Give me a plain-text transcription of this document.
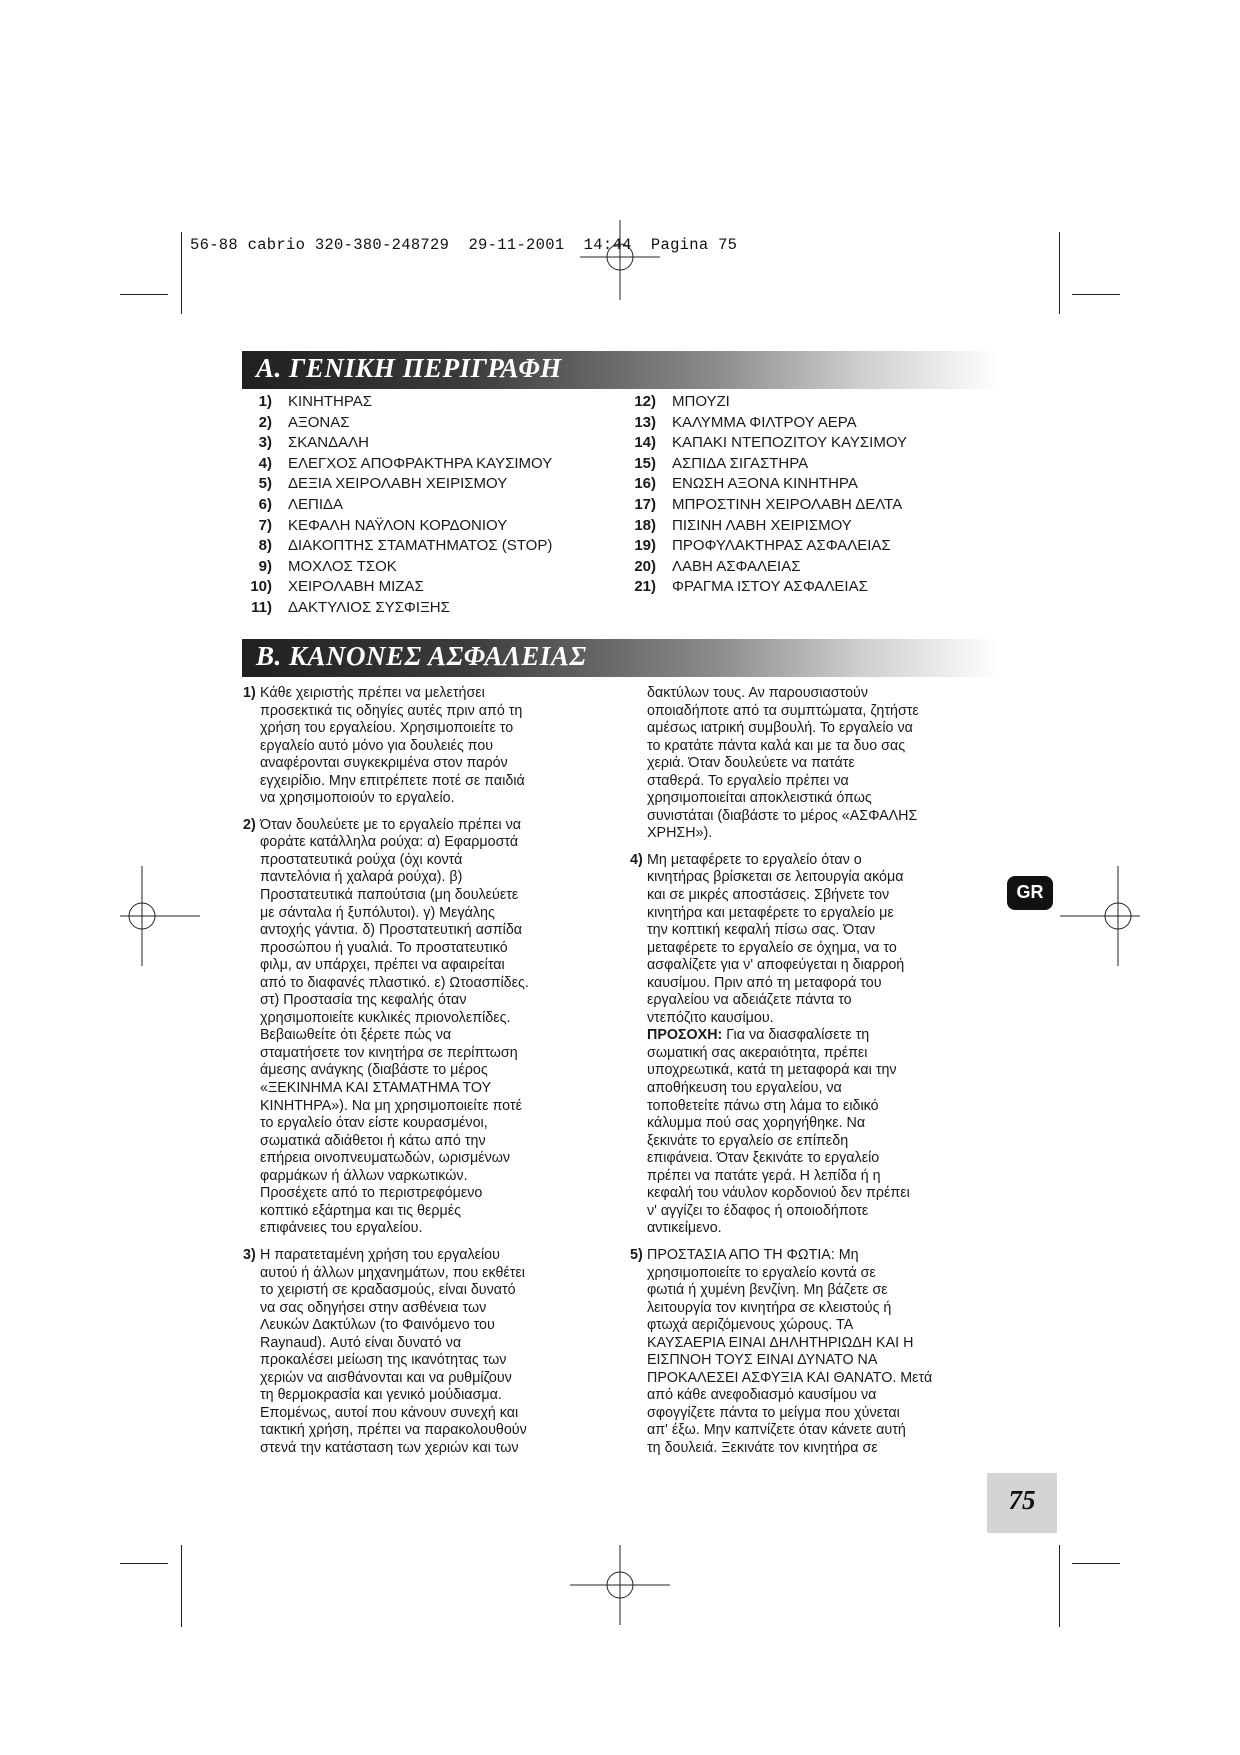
56-88 cabrio 320-380-248729  29-11-2001  14:44  Pagina 75
A. ΓΕΝΙΚΗ ΠΕΡΙΓΡΑΦΗ
1) ΚΙΝΗΤΗΡΑΣ
2) ΑΞΟΝΑΣ
3) ΣΚΑΝΔΑΛΗ
4) ΕΛΕΓΧΟΣ ΑΠΟΦΡΑΚΤΗΡΑ ΚΑΥΣΙΜΟΥ
5) ΔΕΞΙΑ ΧΕΙΡΟΛΑΒΗ ΧΕΙΡΙΣΜΟΥ
6) ΛΕΠΙΔΑ
7) ΚΕΦΑΛΗ ΝΑΫΛΟΝ ΚΟΡΔΟΝΙΟΥ
8) ΔΙΑΚΟΠΤΗΣ ΣΤΑΜΑΤΗΜΑΤΟΣ (STOP)
9) ΜΟΧΛΟΣ ΤΣΟΚ
10) ΧΕΙΡΟΛΑΒΗ ΜΙΖΑΣ
11) ΔΑΚΤΥΛΙΟΣ ΣΥΣΦΙΞΗΣ
12) ΜΠΟΥΖΙ
13) ΚΑΛΥΜΜΑ ΦΙΛΤΡΟΥ ΑΕΡΑ
14) ΚΑΠΑΚΙ ΝΤΕΠΟΖΙΤΟΥ ΚΑΥΣΙΜΟΥ
15) ΑΣΠΙΔΑ ΣΙΓΑΣΤΗΡΑ
16) ΕΝΩΣΗ ΑΞΟΝΑ ΚΙΝΗΤΗΡΑ
17) ΜΠΡΟΣΤΙΝΗ ΧΕΙΡΟΛΑΒΗ ΔΕΛΤΑ
18) ΠΙΣΙΝΗ ΛΑΒΗ ΧΕΙΡΙΣΜΟΥ
19) ΠΡΟΦΥΛΑΚΤΗΡΑΣ ΑΣΦΑΛΕΙΑΣ
20) ΛΑΒΗ ΑΣΦΑΛΕΙΑΣ
21) ΦΡΑΓΜΑ ΙΣΤΟΥ ΑΣΦΑΛΕΙΑΣ
B. ΚΑΝΟΝΕΣ ΑΣΦΑΛΕΙΑΣ

1) Κάθε χειριστής πρέπει να μελετήσει
προσεκτικά τις οδηγίες αυτές πριν από τη
χρήση του εργαλείου. Χρησιμοποιείτε το
εργαλείο αυτό μόνο για δουλειές που
αναφέρονται συγκεκριμένα στον παρόν
εγχειρίδιο. Μην επιτρέπετε ποτέ σε παιδιά
να χρησιμοποιούν το εργαλείο.

2) Όταν δουλεύετε με το εργαλείο πρέπει να
φοράτε κατάλληλα ρούχα: α) Εφαρμοστά
προστατευτικά ρούχα (όχι κοντά
παντελόνια ή χαλαρά ρούχα). β)
Προστατευτικά παπούτσια (μη δουλεύετε
με σάνταλα ή ξυπόλυτοι). γ) Μεγάλης
αντοχής γάντια. δ) Προστατευτική ασπίδα
προσώπου ή γυαλιά. Το προστατευτικό
φιλμ, αν υπάρχει, πρέπει να αφαιρείται
από το διαφανές πλαστικό. ε) Ωτοασπίδες.
στ) Προστασία της κεφαλής όταν
χρησιμοποιείτε κυκλικές πριονολεπίδες.
Βεβαιωθείτε ότι ξέρετε πώς να
σταματήσετε τον κινητήρα σε περίπτωση
άμεσης ανάγκης (διαβάστε το μέρος
«ΞΕΚΙΝΗΜΑ ΚΑΙ ΣΤΑΜΑΤΗΜΑ ΤΟΥ
ΚΙΝΗΤΗΡΑ»). Να μη χρησιμοποιείτε ποτέ
το εργαλείο όταν είστε κουρασμένοι,
σωματικά αδιάθετοι ή κάτω από την
επήρεια οινοπνευματωδών, ωρισμένων
φαρμάκων ή άλλων ναρκωτικών.
Προσέχετε από το περιστρεφόμενο
κοπτικό εξάρτημα και τις θερμές
επιφάνειες του εργαλείου.

3) Η παρατεταμένη χρήση του εργαλείου
αυτού ή άλλων μηχανημάτων, που εκθέτει
το χειριστή σε κραδασμούς, είναι δυνατό
να σας οδηγήσει στην ασθένεια των
Λευκών Δακτύλων (το Φαινόμενο του
Raynaud). Αυτό είναι δυνατό να
προκαλέσει μείωση της ικανότητας των
χεριών να αισθάνονται και να ρυθμίζουν
τη θερμοκρασία και γενικό μούδιασμα.
Επομένως, αυτοί που κάνουν συνεχή και
τακτική χρήση, πρέπει να παρακολουθούν
στενά την κατάσταση των χεριών και των

δακτύλων τους. Αν παρουσιαστούν
οποιαδήποτε από τα συμπτώματα, ζητήστε
αμέσως ιατρική συμβουλή. Το εργαλείο να
το κρατάτε πάντα καλά και με τα δυο σας
χεριά. Όταν δουλεύετε να πατάτε
σταθερά. Το εργαλείο πρέπει να
χρησιμοποιείται αποκλειστικά όπως
συνιστάται (διαβάστε το μέρος «ΑΣΦΑΛΗΣ
ΧΡΗΣΗ»).

4) Μη μεταφέρετε το εργαλείο όταν ο
κινητήρας βρίσκεται σε λειτουργία ακόμα
και σε μικρές αποστάσεις. Σβήνετε τον
κινητήρα και μεταφέρετε το εργαλείο με
την κοπτική κεφαλή πίσω σας. Όταν
μεταφέρετε το εργαλείο σε όχημα, να το
ασφαλίζετε για ν' αποφεύγεται η διαρροή
καυσίμου. Πριν από τη μεταφορά του
εργαλείου να αδειάζετε πάντα το
ντεπόζιτο καυσίμου.
ΠΡΟΣΟΧΗ: Για να διασφαλίσετε τη
σωματική σας ακεραιότητα, πρέπει
υποχρεωτικά, κατά τη μεταφορά και την
αποθήκευση του εργαλείου, να
τοποθετείτε πάνω στη λάμα το ειδικό
κάλυμμα πού σας χορηγήθηκε. Να
ξεκινάτε το εργαλείο σε επίπεδη
επιφάνεια. Όταν ξεκινάτε το εργαλείο
πρέπει να πατάτε γερά. Η λεπίδα ή η
κεφαλή του νάυλον κορδονιού δεν πρέπει
ν' αγγίζει το έδαφος ή οποιοδήποτε
αντικείμενο.

5) ΠΡΟΣΤΑΣΙΑ ΑΠΟ ΤΗ ΦΩΤΙΑ: Μη
χρησιμοποιείτε το εργαλείο κοντά σε
φωτιά ή χυμένη βενζίνη. Μη βάζετε σε
λειτουργία τον κινητήρα σε κλειστούς ή
φτωχά αεριζόμενους χώρους. ΤΑ
ΚΑΥΣΑΕΡΙΑ ΕΙΝΑΙ ΔΗΛΗΤΗΡΙΩΔΗ ΚΑΙ Η
ΕΙΣΠΝΟΗ ΤΟΥΣ ΕΙΝΑΙ ΔΥΝΑΤΟ ΝΑ
ΠΡΟΚΑΛΕΣΕΙ ΑΣΦΥΞΙΑ ΚΑΙ ΘΑΝΑΤΟ. Μετά
από κάθε ανεφοδιασμό καυσίμου να
σφογγίζετε πάντα το μείγμα που χύνεται
απ' έξω. Μην καπνίζετε όταν κάνετε αυτή
τη δουλειά. Ξεκινάτε τον κινητήρα σε

GR
75
